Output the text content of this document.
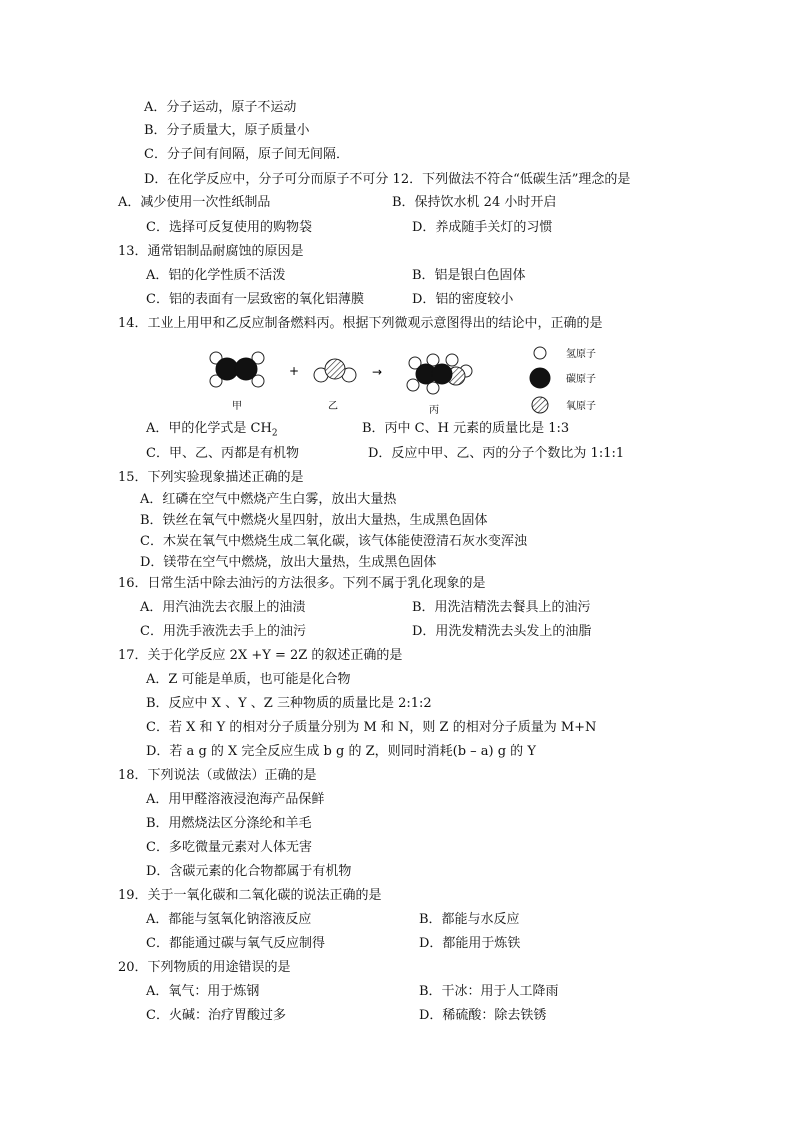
A．分子运动，原子不运动
B．分子质量大，原子质量小
C．分子间有间隔，原子间无间隔．
D．在化学反应中，分子可分而原子不可分 12．下列做法不符合“低碳生活”理念的是
A．减少使用一次性纸制品	B．保持饮水机 24 小时开启
C．选择可反复使用的购物袋	D．养成随手关灯的习惯
13．通常铝制品耐腐蚀的原因是
A．铝的化学性质不活泼	B．铝是银白色固体
C．铝的表面有一层致密的氧化铝薄膜	D．铝的密度较小
14．工业上用甲和乙反应制备燃料丙。根据下列微观示意图得出的结论中，正确的是
+	→
甲	乙	丙
氢原子
碳原子
氧原子
A．甲的化学式是 $CH_2$	B．丙中 C、H 元素的质量比是 1:3
C．甲、乙、丙都是有机物	D．反应中甲、乙、丙的分子个数比为 1:1:1
15．下列实验现象描述正确的是
A．红磷在空气中燃烧产生白雾，放出大量热
B．铁丝在氧气中燃烧火星四射，放出大量热，生成黑色固体
C．木炭在氧气中燃烧生成二氧化碳，该气体能使澄清石灰水变浑浊
D．镁带在空气中燃烧，放出大量热，生成黑色固体
16．日常生活中除去油污的方法很多。下列不属于乳化现象的是
A．用汽油洗去衣服上的油渍	B．用洗洁精洗去餐具上的油污
C．用洗手液洗去手上的油污	D．用洗发精洗去头发上的油脂
17．关于化学反应 2X +Y = 2Z 的叙述正确的是
A．Z 可能是单质，也可能是化合物
B．反应中 X 、Y 、Z 三种物质的质量比是 2:1:2
C．若 X 和 Y 的相对分子质量分别为 M 和 N，则 Z 的相对分子质量为 M+N
D．若 a g 的 X 完全反应生成 b g 的 Z，则同时消耗(b – a) g 的 Y
18．下列说法（或做法）正确的是
A．用甲醛溶液浸泡海产品保鲜
B．用燃烧法区分涤纶和羊毛
C．多吃微量元素对人体无害
D．含碳元素的化合物都属于有机物
19．关于一氧化碳和二氧化碳的说法正确的是
A．都能与氢氧化钠溶液反应	B．都能与水反应
C．都能通过碳与氧气反应制得	D．都能用于炼铁
20．下列物质的用途错误的是
A．氧气：用于炼钢	B．干冰：用于人工降雨
C．火碱：治疗胃酸过多	D．稀硫酸：除去铁锈
